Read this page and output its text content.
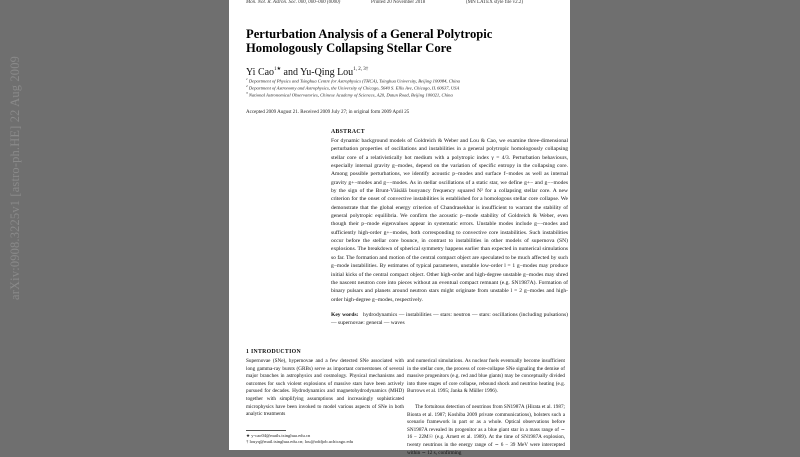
Mon. Not. R. Astron. Soc. 000, 000–000 (0000)	Printed 20 November 2018	(MN LATEX style file v2.2)
Perturbation Analysis of a General Polytropic
Homologously Collapsing Stellar Core
Yi Cao$^{1★}$ and Yu-Qing Lou$^{1, 2, 3\dagger}$
$^1$ Department of Physics and Tsinghua Centre for Astrophysics (THCA), Tsinghua University, Beijing 100084, China
$^2$ Department of Astronomy and Astrophysics, the University of Chicago, 5640 S. Ellis Ave, Chicago, IL 60637, USA
$^3$ National Astronomical Observatories, Chinese Academy of Sciences, A20, Datun Road, Beijing 100021, China
Accepted 2009 August 21. Received 2009 July 27; in original form 2009 April 25
ABSTRACT
For dynamic background models of Goldreich & Weber and Lou & Cao, we examine three-dimensional perturbation properties of oscillations and instabilities in a general polytropic homologously collapsing stellar core of a relativistically hot medium with a polytropic index γ = 4/3. Perturbation behaviours, especially internal gravity g−modes, depend on the variation of specific entropy in the collapsing core. Among possible perturbations, we identify acoustic p−modes and surface f−modes as well as internal gravity g+−modes and g−−modes. As in stellar oscillations of a static star, we define g+− and g−−modes by the sign of the Brunt-Väisälä buoyancy frequency squared N² for a collapsing stellar core. A new criterion for the onset of convective instabilities is established for a homologous stellar core collapse. We demonstrate that the global energy criterion of Chandrasekhar is insufficient to warrant the stability of general polytropic equilibria. We confirm the acoustic p−mode stability of Goldreich & Weber, even though their p−mode eigenvalues appear in systematic errors. Unstable modes include g−−modes and sufficiently high-order g+−modes, both corresponding to convective core instabilities. Such instabilities occur before the stellar core bounce, in contrast to instabilities in other models of supernova (SN) explosions. The breakdown of spherical symmetry happens earlier than expected in numerical simulations so far. The formation and motion of the central compact object are speculated to be much affected by such g−mode instabilities. By estimates of typical parameters, unstable low-order l = 1 g−modes may produce initial kicks of the central compact object. Other high-order and high-degree unstable g−modes may shred the nascent neutron core into pieces without an eventual compact remnant (e.g. SN1987A). Formation of binary pulsars and planets around neutron stars might originate from unstable l = 2 g−modes and high-order high-degree g−modes, respectively.
Key words: hydrodynamics — instabilities — stars: neutron — stars: oscillations (including pulsations) — supernovae: general — waves
1 INTRODUCTION

Supernovae (SNe), hypernovae and a few detected SNe associated with long gamma-ray bursts (GRBs) serve as important cornerstones of several major branches in astrophysics and cosmology. Physical mechanisms and outcomes for such violent explosions of massive stars have been actively pursued for decades. Hydrodynamics and magnetohydrodynamics (MHD) together with simplifying assumptions and increasingly sophisticated microphysics have been invoked to model various aspects of SNe in both analytic treatments

and numerical simulations. As nuclear fuels eventually become insufficient in the stellar core, the process of core-collapse SNe signaling the demise of massive progenitors (e.g. red and blue giants) may be conceptually divided into three stages of core collapse, rebound shock and neutrino heating (e.g. Burrows et al. 1995; Janka & Müller 1996).

The fortuitous detection of neutrinos from SN1987A (Hirata et al. 1987; Bionta et al. 1987; Koshiba 2009 private communications), bolsters such a scenario framework in part or as a whole. Optical observations before SN1987A revealed its progenitor as a blue giant star in a mass range of ∼ 16 − 22M☉ (e.g. Arnett et al. 1989). At the time of SN1987A explosion, twenty neutrinos in the energy range of ∼ 6 − 39 MeV were intercepted within ∼ 12 s, confirming

★ y-cao04@mails.tsinghua.edu.cn
† louyq@mail.tsinghua.edu.cn; lou@oddjob.uchicago.edu
arXiv:0908.3225v1 [astro-ph.HE] 22 Aug 2009
